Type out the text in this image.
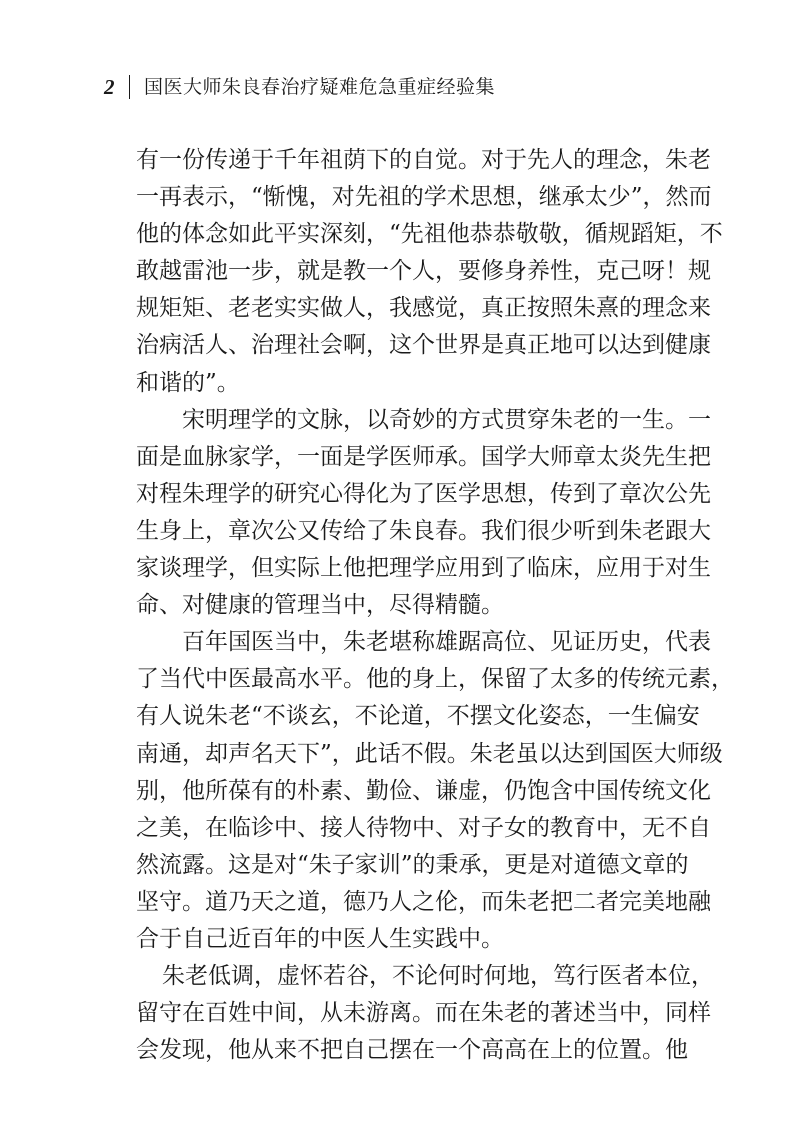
2 国医大师朱良春治疗疑难危急重症经验集
有一份传递于千年祖荫下的自觉。对于先人的理念，朱老
一再表示，“惭愧，对先祖的学术思想，继承太少”，然而
他的体念如此平实深刻，“先祖他恭恭敬敬，循规蹈矩，不
敢越雷池一步，就是教一个人，要修身养性，克己呀！规
规矩矩、老老实实做人，我感觉，真正按照朱熹的理念来
治病活人、治理社会啊，这个世界是真正地可以达到健康
和谐的”。
宋明理学的文脉，以奇妙的方式贯穿朱老的一生。一
面是血脉家学，一面是学医师承。国学大师章太炎先生把
对程朱理学的研究心得化为了医学思想，传到了章次公先
生身上，章次公又传给了朱良春。我们很少听到朱老跟大
家谈理学，但实际上他把理学应用到了临床，应用于对生
命、对健康的管理当中，尽得精髓。
百年国医当中，朱老堪称雄踞高位、见证历史，代表
了当代中医最高水平。他的身上，保留了太多的传统元素，
有人说朱老“不谈玄，不论道，不摆文化姿态，一生偏安
南通，却声名天下”，此话不假。朱老虽以达到国医大师级
别，他所葆有的朴素、勤俭、谦虚，仍饱含中国传统文化
之美，在临诊中、接人待物中、对子女的教育中，无不自
然流露。这是对“朱子家训”的秉承，更是对道德文章的
坚守。道乃天之道，德乃人之伦，而朱老把二者完美地融
合于自己近百年的中医人生实践中。
朱老低调，虚怀若谷，不论何时何地，笃行医者本位，
留守在百姓中间，从未游离。而在朱老的著述当中，同样
会发现，他从来不把自己摆在一个高高在上的位置。他
